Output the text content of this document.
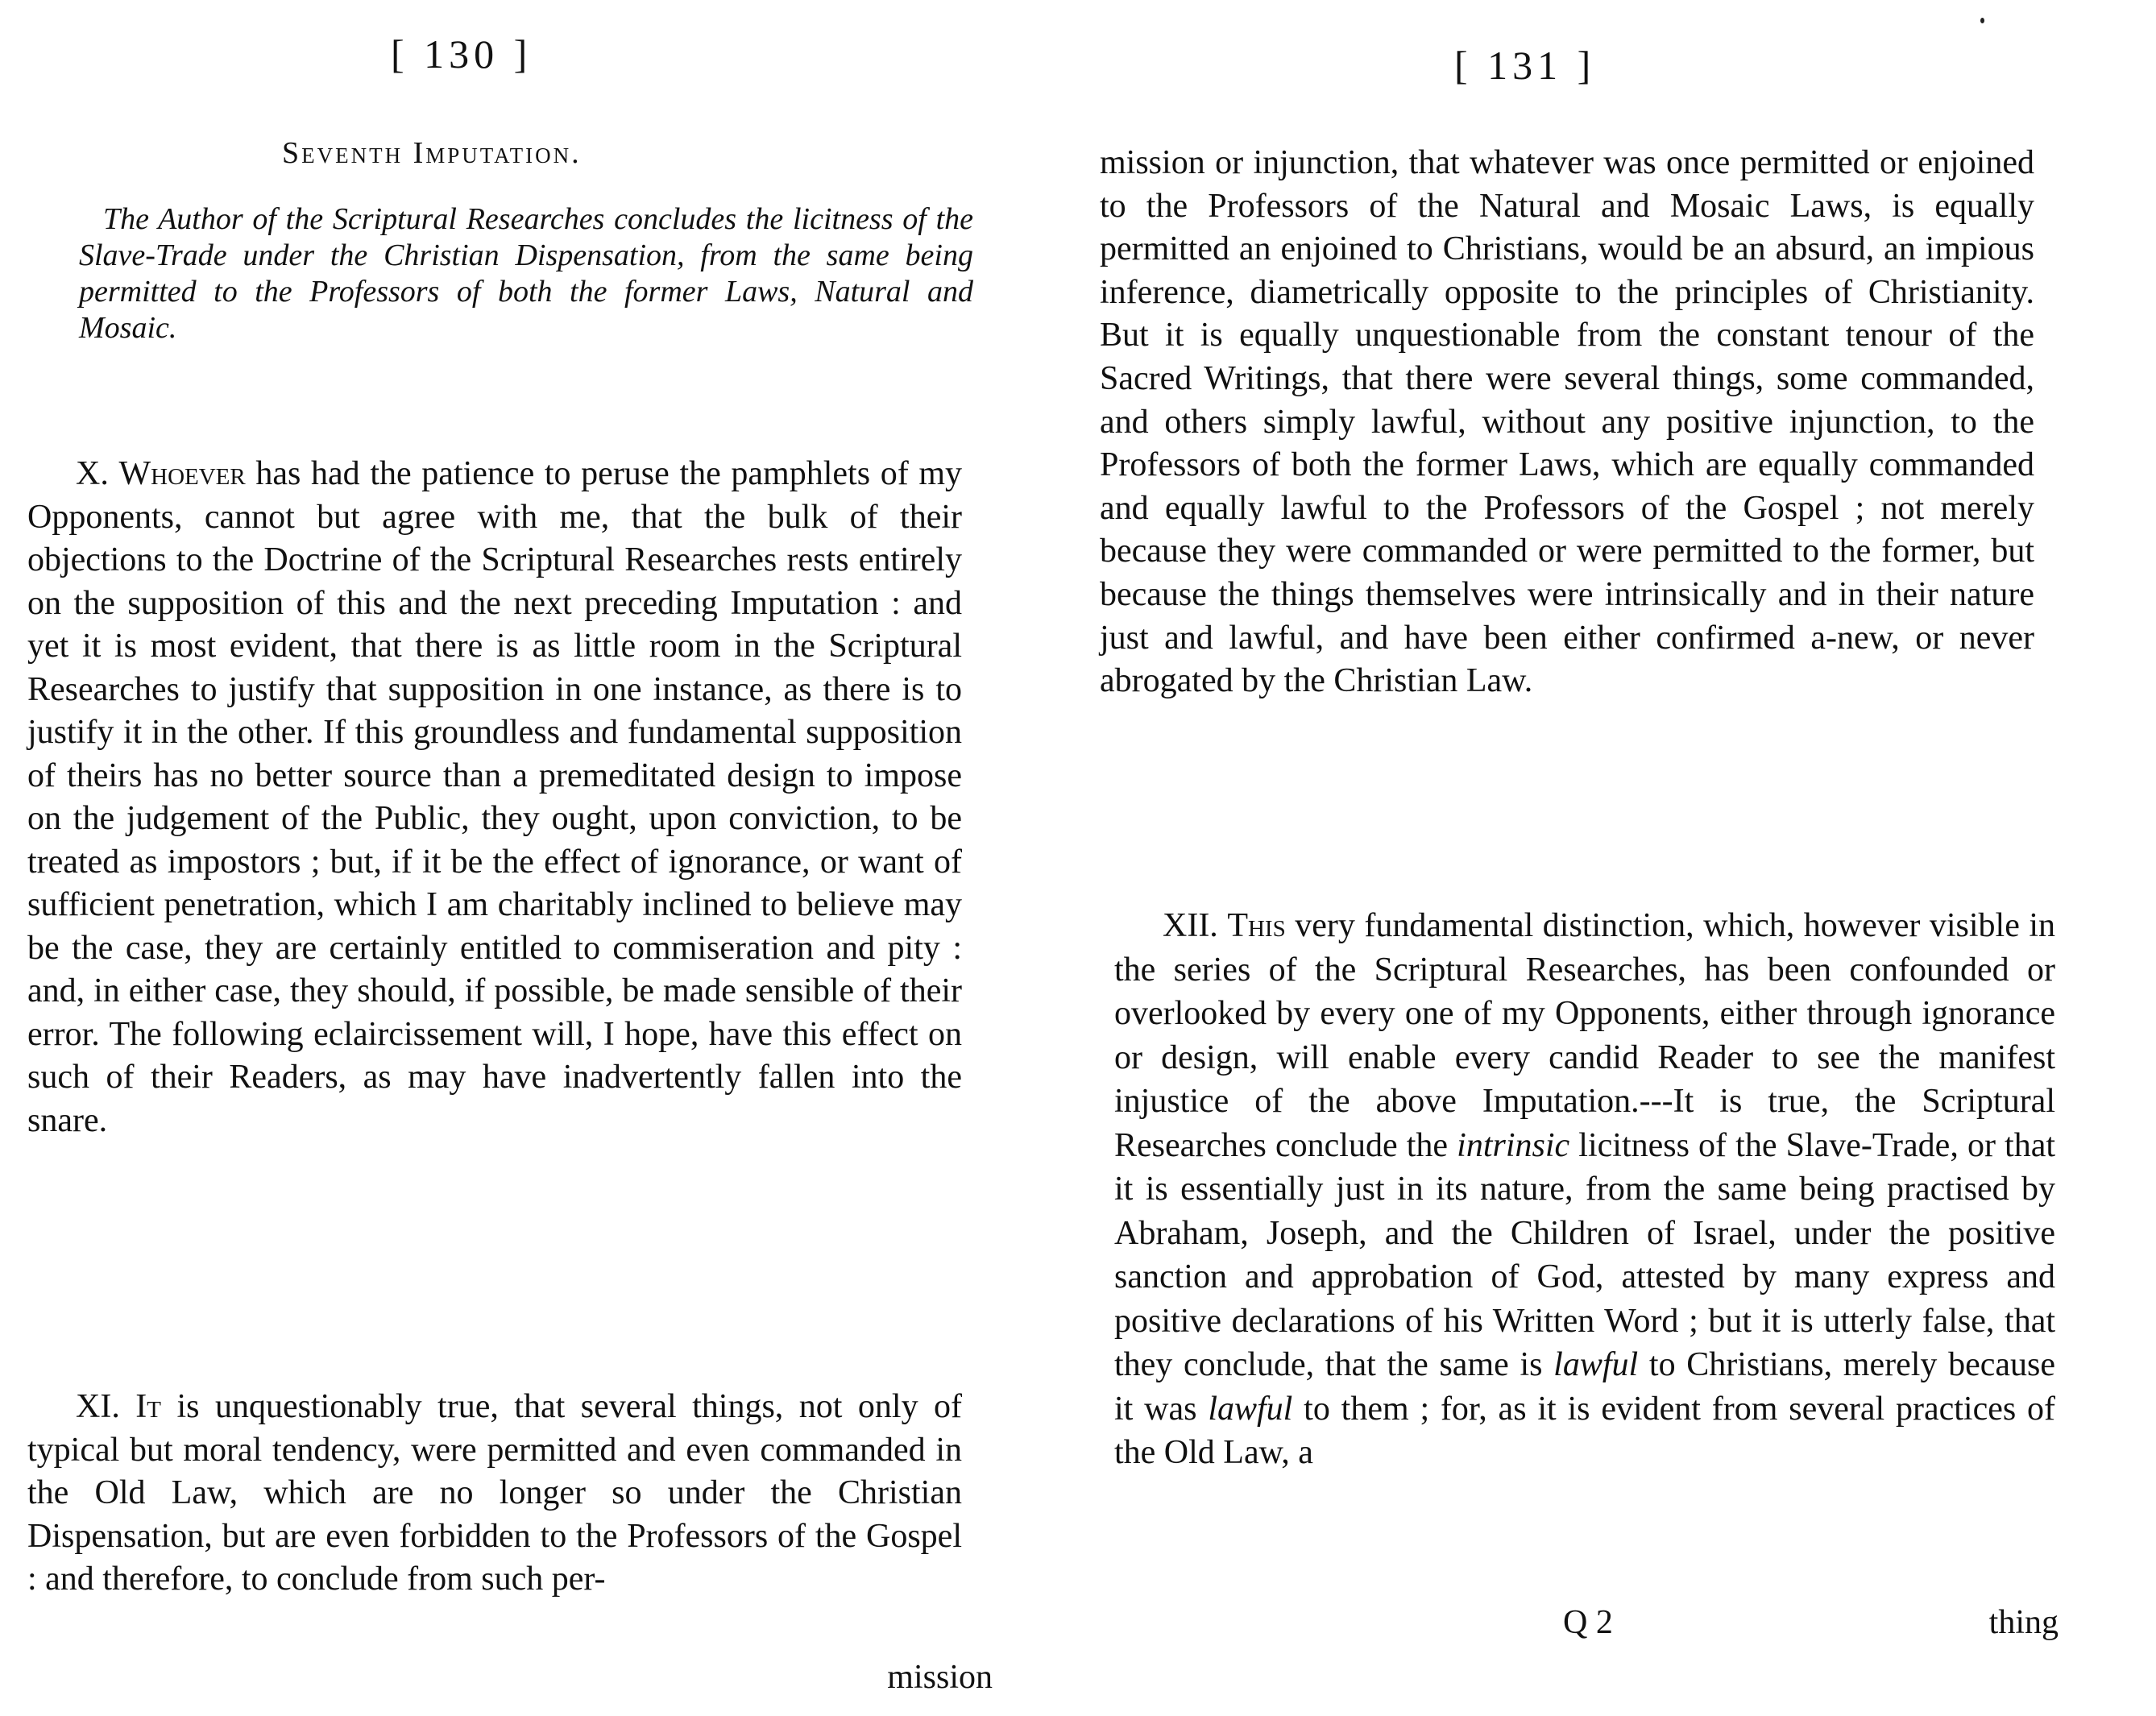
[ 130 ]
Seventh Imputation.
The Author of the Scriptural Researches concludes the licitness of the Slave-Trade under the Christian Dispensation, from the same being permitted to the Professors of both the former Laws, Natural and Mosaic.
X. Whoever has had the patience to peruse the pamphlets of my Opponents, cannot but agree with me, that the bulk of their objections to the Doctrine of the Scriptural Researches rests entirely on the supposition of this and the next preceding Imputation : and yet it is most evident, that there is as little room in the Scriptural Researches to justify that supposition in one instance, as there is to justify it in the other. If this groundless and fundamental supposition of theirs has no better source than a premeditated design to impose on the judgement of the Public, they ought, upon conviction, to be treated as impostors ; but, if it be the effect of ignorance, or want of sufficient penetration, which I am charitably inclined to believe may be the case, they are certainly entitled to commiseration and pity : and, in either case, they should, if possible, be made sensible of their error. The following eclaircissement will, I hope, have this effect on such of their Readers, as may have inadvertently fallen into the snare.
XI. It is unquestionably true, that several things, not only of typical but moral tendency, were permitted and even commanded in the Old Law, which are no longer so under the Christian Dispensation, but are even forbidden to the Professors of the Gospel : and therefore, to conclude from such per-
mission
[ 131 ]
mission or injunction, that whatever was once permitted or enjoined to the Professors of the Natural and Mosaic Laws, is equally permitted an enjoined to Christians, would be an absurd, an impious inference, diametrically opposite to the principles of Christianity. But it is equally unquestionable from the constant tenour of the Sacred Writings, that there were several things, some commanded, and others simply lawful, without any positive injunction, to the Professors of both the former Laws, which are equally commanded and equally lawful to the Professors of the Gospel ; not merely because they were commanded or were permitted to the former, but because the things themselves were intrinsically and in their nature just and lawful, and have been either confirmed a-new, or never abrogated by the Christian Law.
XII. This very fundamental distinction, which, however visible in the series of the Scriptural Researches, has been confounded or overlooked by every one of my Opponents, either through ignorance or design, will enable every candid Reader to see the manifest injustice of the above Imputation.---It is true, the Scriptural Researches conclude the intrinsic licitness of the Slave-Trade, or that it is essentially just in its nature, from the same being practised by Abraham, Joseph, and the Children of Israel, under the positive sanction and approbation of God, attested by many express and positive declarations of his Written Word ; but it is utterly false, that they conclude, that the same is lawful to Christians, merely because it was lawful to them ; for, as it is evident from several practices of the Old Law, a
Q 2	thing
